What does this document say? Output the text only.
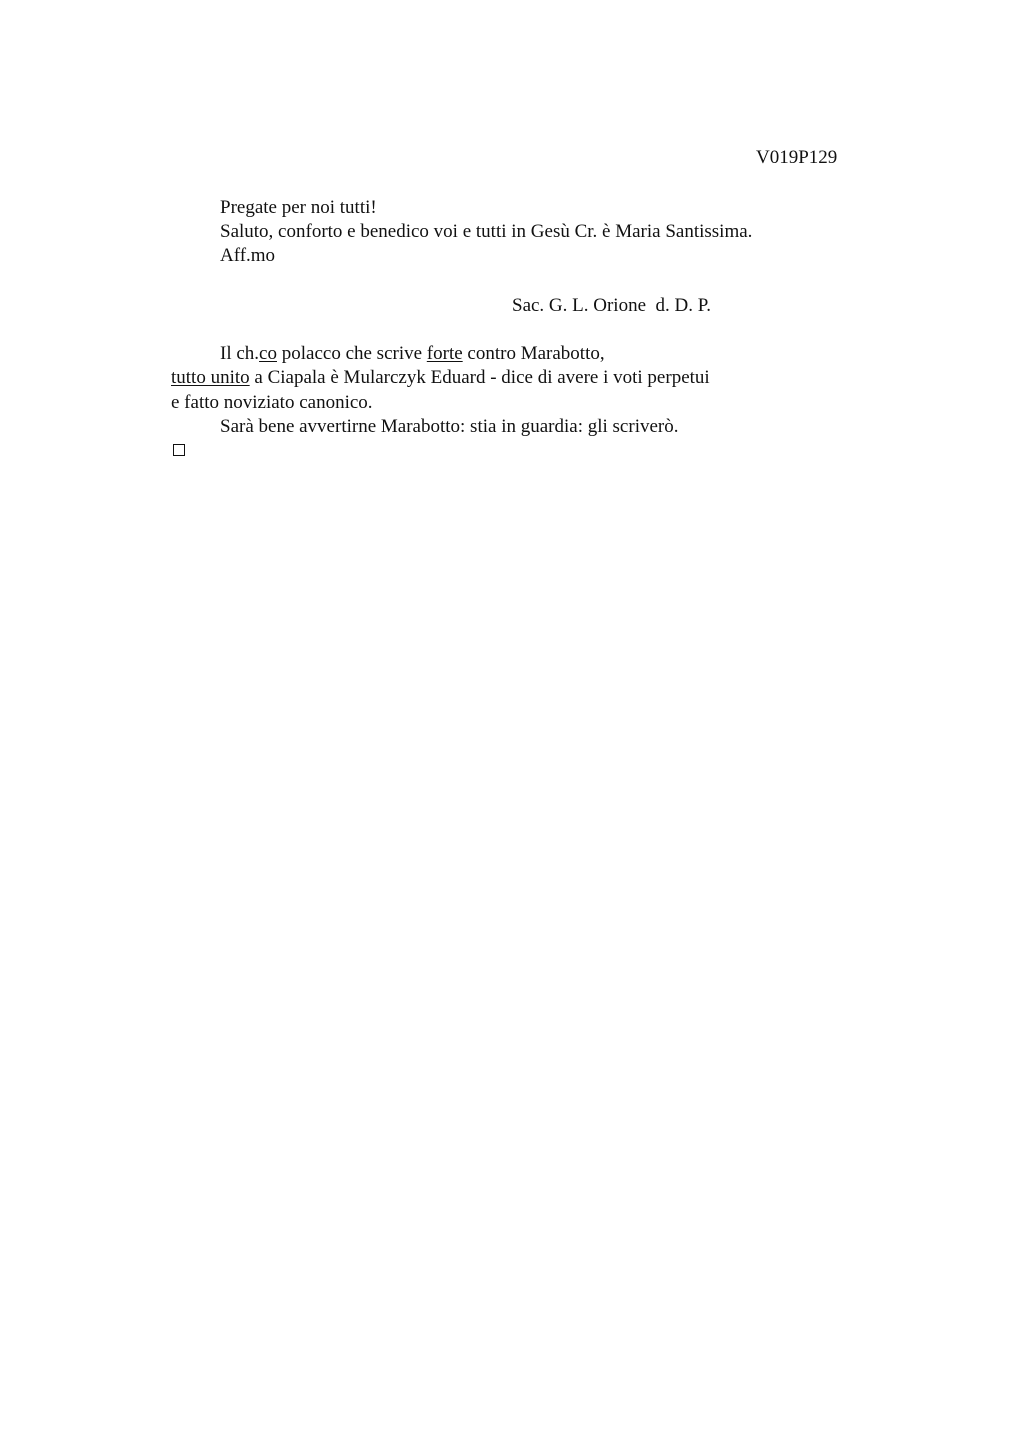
V019P129
Pregate per noi tutti!
Saluto, conforto e benedico voi e tutti in Gesù Cr. è Maria Santissima.
Aff.mo
Sac. G. L. Orione  d. D. P.
Il ch.co polacco che scrive forte contro Marabotto,
tutto unito a Ciapala è Mularczyk Eduard - dice di avere i voti perpetui
e fatto noviziato canonico.
Sarà bene avvertirne Marabotto: stia in guardia: gli scriverò.
